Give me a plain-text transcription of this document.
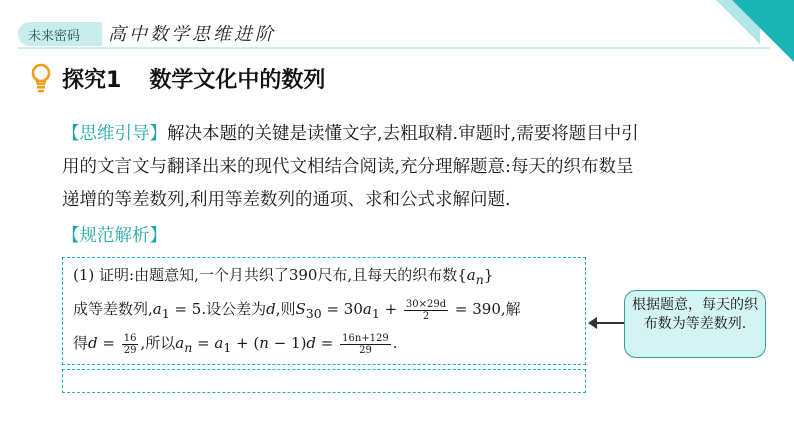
未来密码 高中数学思维进阶
探究1 数学文化中的数列
【思维引导】解决本题的关键是读懂文字,去粗取精.审题时,需要将题目中引
用的文言文与翻译出来的现代文相结合阅读,充分理解题意:每天的织布数呈
递增的等差数列,利用等差数列的通项、求和公式求解问题.
【规范解析】
(1) 证明:由题意知,一个月共织了390尺布,且每天的织布数$\{a_n\}$
成等差数列$,a_1 = 5$.设公差为d,则$S_{30} = 30a_1 + \frac{30\times 29d}{2} = 390$,解
得$d = \frac{16}{29}$ ,所以$a_n = a_1 + (n - 1)d = \frac{16n+129}{29}$ .
根据题意，每天的织布数为等差数列.
